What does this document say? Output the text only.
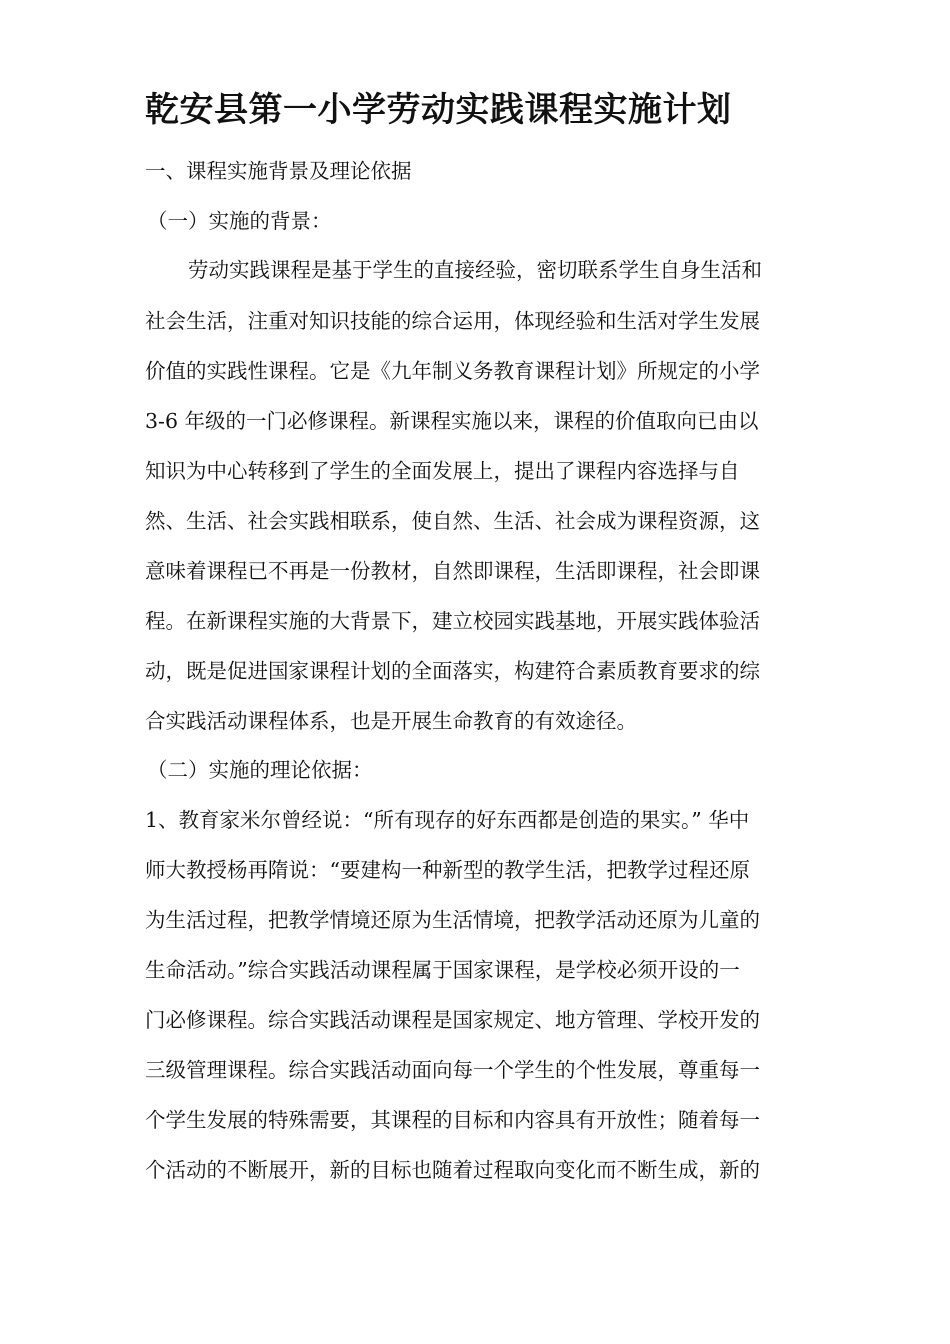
乾安县第一小学劳动实践课程实施计划

一、课程实施背景及理论依据

（一）实施的背景：

劳动实践课程是基于学生的直接经验，密切联系学生自身生活和

社会生活，注重对知识技能的综合运用，体现经验和生活对学生发展

价值的实践性课程。它是《九年制义务教育课程计划》所规定的小学

3-6 年级的一门必修课程。新课程实施以来，课程的价值取向已由以

知识为中心转移到了学生的全面发展上，提出了课程内容选择与自

然、生活、社会实践相联系，使自然、生活、社会成为课程资源，这

意味着课程已不再是一份教材，自然即课程，生活即课程，社会即课

程。在新课程实施的大背景下，建立校园实践基地，开展实践体验活

动，既是促进国家课程计划的全面落实，构建符合素质教育要求的综

合实践活动课程体系，也是开展生命教育的有效途径。

（二）实施的理论依据：

1、教育家米尔曾经说：“所有现存的好东西都是创造的果实。” 华中

师大教授杨再隋说：“要建构一种新型的教学生活，把教学过程还原

为生活过程，把教学情境还原为生活情境，把教学活动还原为儿童的

生命活动。”综合实践活动课程属于国家课程，是学校必须开设的一

门必修课程。综合实践活动课程是国家规定、地方管理、学校开发的

三级管理课程。综合实践活动面向每一个学生的个性发展，尊重每一

个学生发展的特殊需要，其课程的目标和内容具有开放性；随着每一

个活动的不断展开，新的目标也随着过程取向变化而不断生成，新的
